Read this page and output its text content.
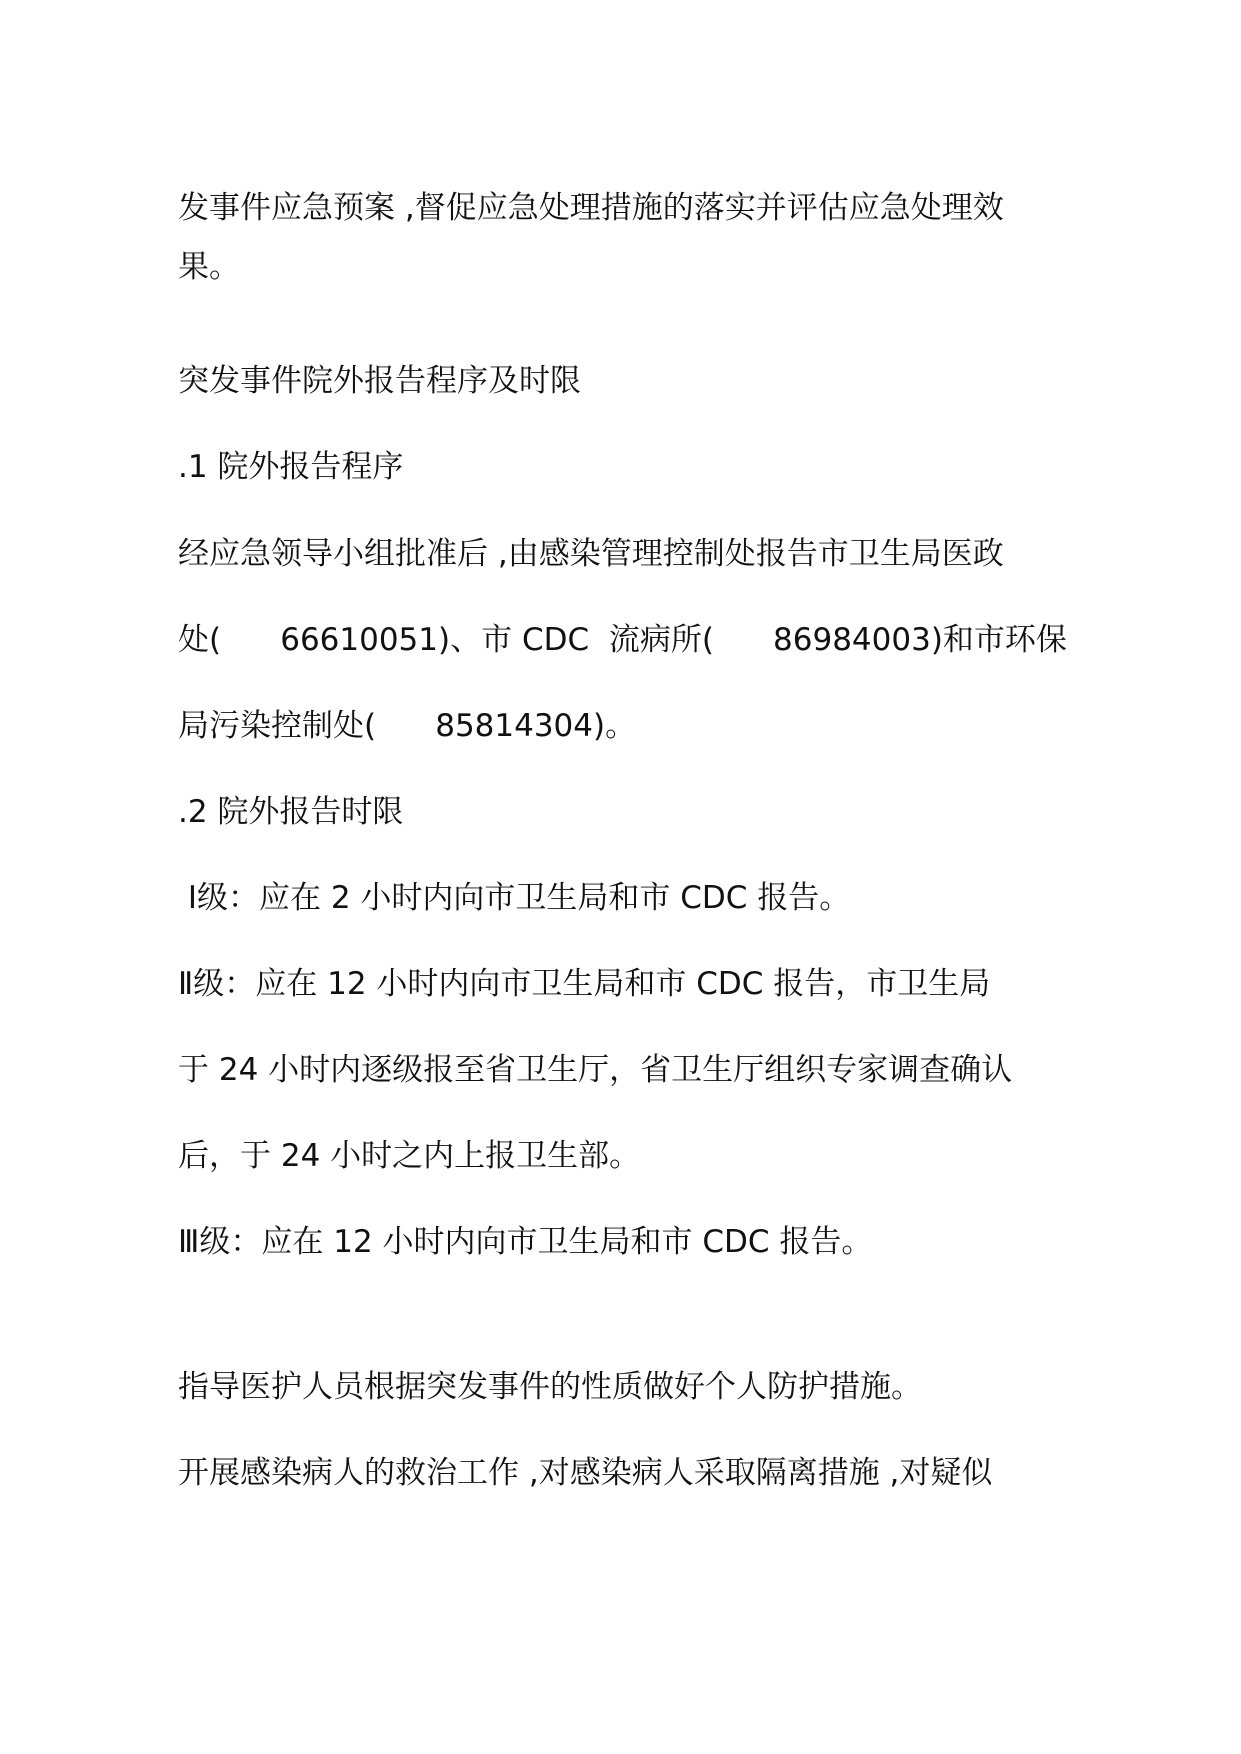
发事件应急预案 ,督促应急处理措施的落实并评估应急处理效

果。

突发事件院外报告程序及时限

.1 院外报告程序

经应急领导小组批准后 ,由感染管理控制处报告市卫生局医政

处(      66610051)、市 CDC  流病所(      86984003)和市环保

局污染控制处(      85814304)。

.2 院外报告时限

Ⅰ级：应在 2 小时内向市卫生局和市 CDC 报告。

Ⅱ级：应在 12 小时内向市卫生局和市 CDC 报告，市卫生局

于 24 小时内逐级报至省卫生厅，省卫生厅组织专家调查确认

后，于 24 小时之内上报卫生部。

Ⅲ级：应在 12 小时内向市卫生局和市 CDC 报告。

指导医护人员根据突发事件的性质做好个人防护措施。

开展感染病人的救治工作 ,对感染病人采取隔离措施 ,对疑似
